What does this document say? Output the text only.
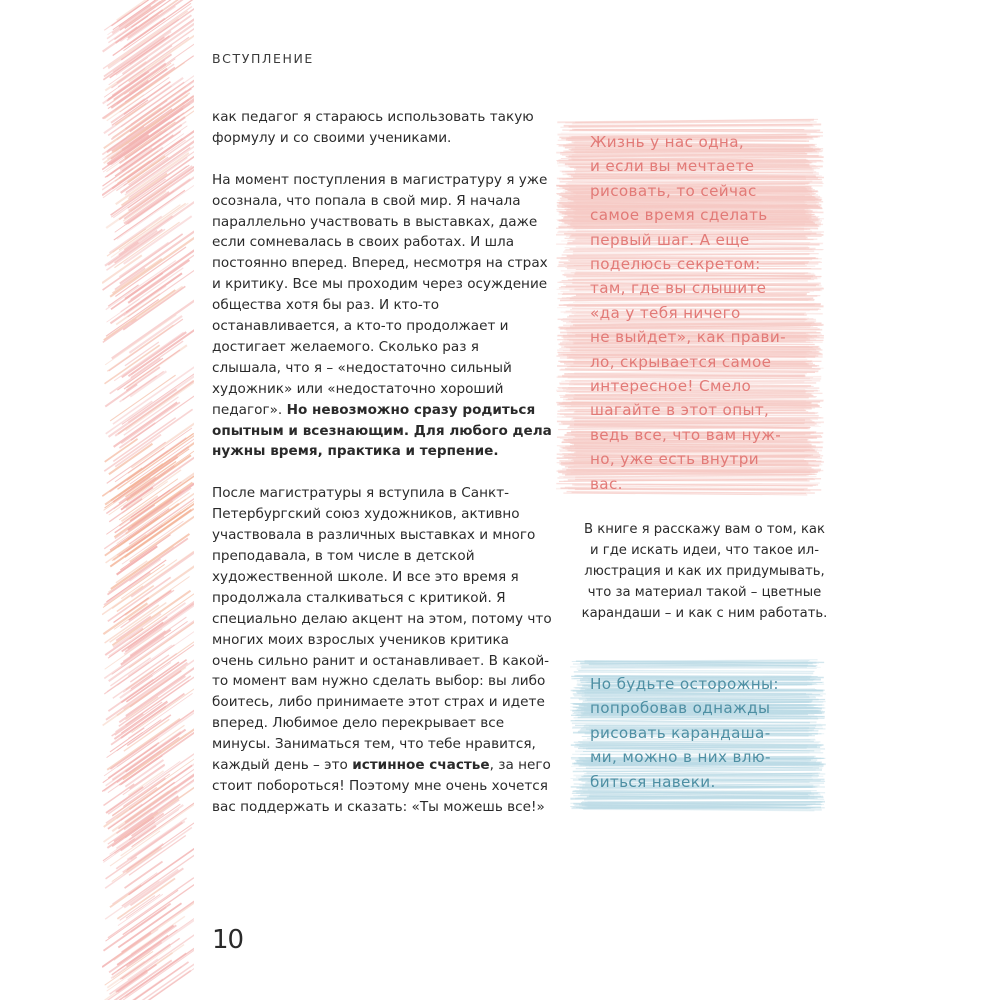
ВСТУПЛЕНИЕ

как педагог я стараюсь использовать такую формулу и со своими учениками.

На момент поступления в магистратуру я уже осознала, что попала в свой мир. Я начала параллельно участвовать в выставках, даже если сомневалась в своих работах. И шла постоянно вперед. Вперед, несмотря на страх и критику. Все мы проходим через осуждение общества хотя бы раз. И кто-то останавливается, а кто-то продолжает и достигает желаемого. Сколько раз я слышала, что я – «недостаточно сильный художник» или «недостаточно хороший педагог». Но невозможно сразу родиться опытным и всезнающим. Для любого дела нужны время, практика и терпение.

После магистратуры я вступила в Санкт-Петербургский союз художников, активно участвовала в различных выставках и много преподавала, в том числе в детской художественной школе. И все это время я продолжала сталкиваться с критикой. Я специально делаю акцент на этом, потому что многих моих взрослых учеников критика очень сильно ранит и останавливает. В какой-то момент вам нужно сделать выбор: вы либо боитесь, либо принимаете этот страх и идете вперед. Любимое дело перекрывает все минусы. Заниматься тем, что тебе нравится, каждый день – это истинное счастье, за него стоит побороться! Поэтому мне очень хочется вас поддержать и сказать: «Ты можешь все!»

Жизнь у нас одна,
и если вы мечтаете
рисовать, то сейчас
самое время сделать
первый шаг. А еще
поделюсь секретом:
там, где вы слышите
«да у тебя ничего
не выйдет», как прави-
ло, скрывается самое
интересное! Смело
шагайте в этот опыт,
ведь все, что вам нуж-
но, уже есть внутри
вас.
В книге я расскажу вам о том, как
и где искать идеи, что такое ил-
люстрация и как их придумывать,
что за материал такой – цветные
карандаши – и как с ним работать.
Но будьте осторожны:
попробовав однажды
рисовать карандаша-
ми, можно в них влю-
биться навеки.
10
